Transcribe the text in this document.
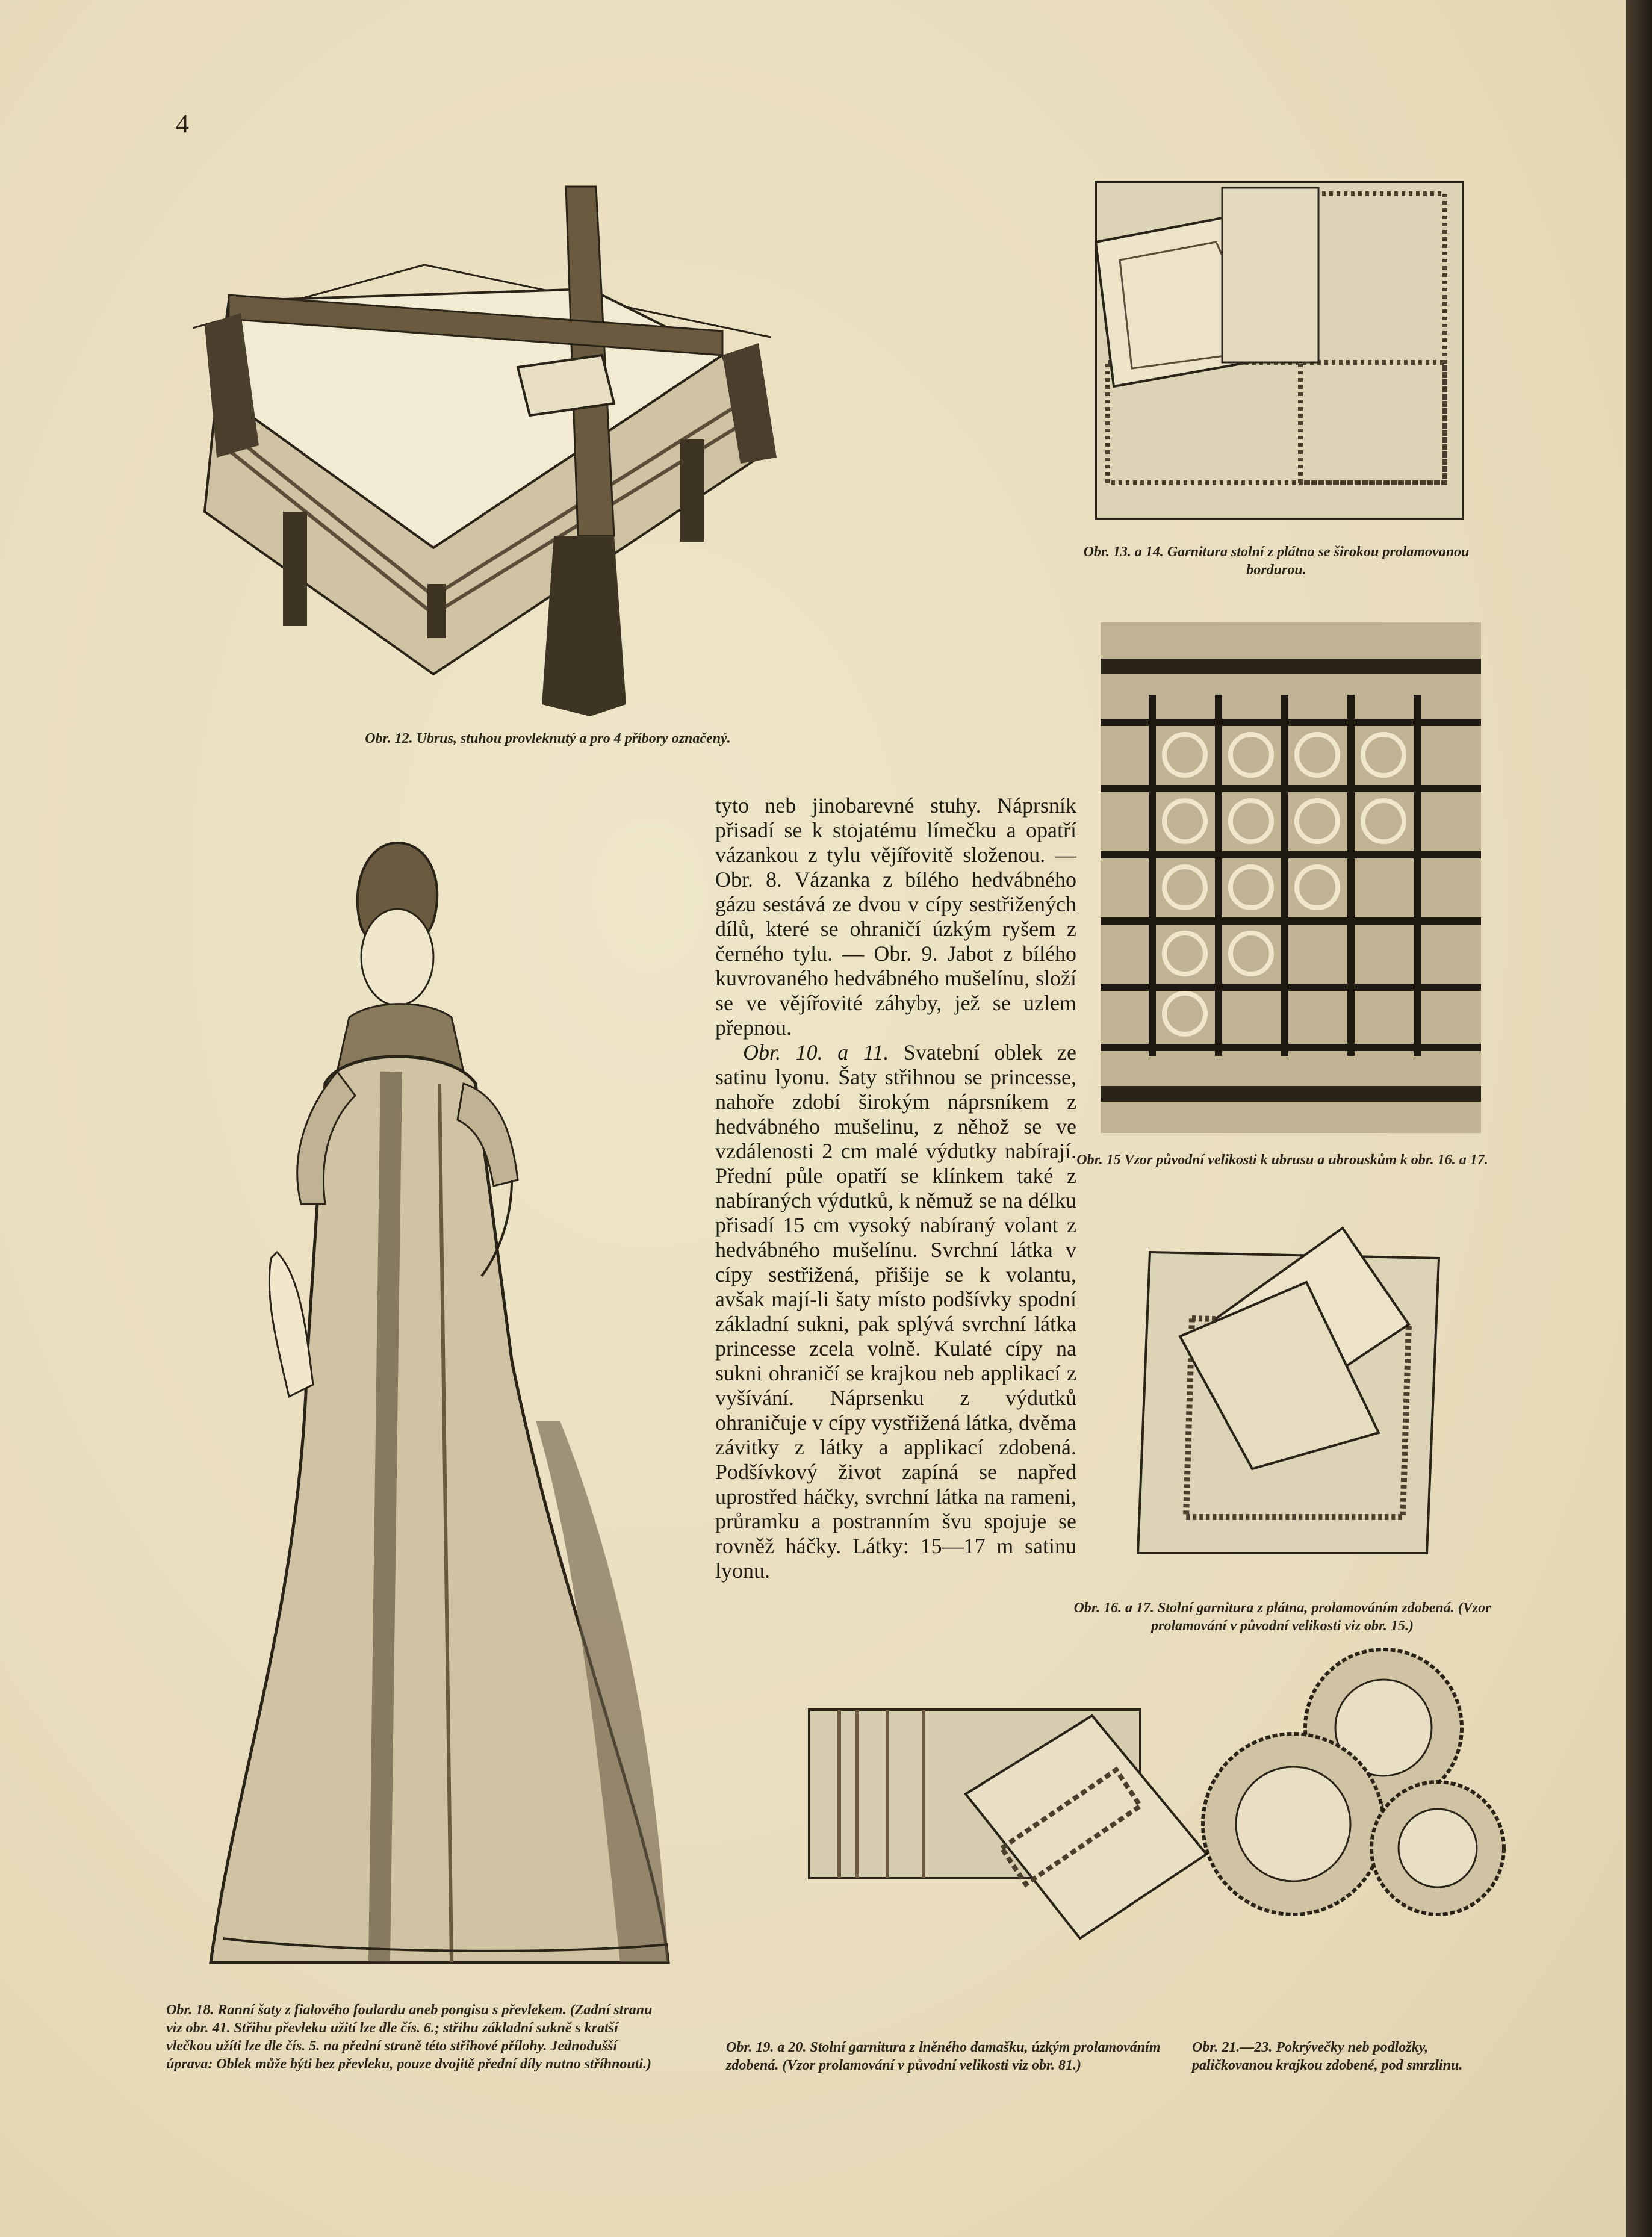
4
Obr. 12. Ubrus, stuhou provleknutý a pro 4 příbory označený.
Obr. 13. a 14. Garnitura stolní z plátna se širokou prolamovanou bordurou.
Obr. 15 Vzor původní velikosti k ubrusu a ubrouskům k obr. 16. a 17.
Obr. 16. a 17. Stolní garnitura z plátna, prolamováním zdobená. (Vzor prolamování v původní velikosti viz obr. 15.)
Obr. 18. Ranní šaty z fialového foulardu aneb pongisu s převlekem. (Zadní stranu viz obr. 41. Střihu převleku užití lze dle čís. 6.; střihu základní sukně s kratší vlečkou užíti lze dle čís. 5. na přední straně této střihové přílohy. Jednodušší úprava: Oblek může býti bez převleku, pouze dvojitě přední díly nutno stříhnouti.)

tyto neb jinobarevné stuhy. Náprsník přisadí se k stojatému límečku a opatří vázankou z tylu vějířovitě složenou. — Obr. 8. Vázanka z bílého hedvábného gázu sestává ze dvou v cípy sestřižených dílů, které se ohraničí úzkým ryšem z černého tylu. — Obr. 9. Jabot z bílého kuvrovaného hedvábného mušelínu, složí se ve vějířovité záhyby, jež se uzlem přepnou.

Obr. 10. a 11. Svatební oblek ze satinu lyonu. Šaty střihnou se princesse, nahoře zdobí širokým náprsníkem z hedvábného mušelinu, z něhož se ve vzdálenosti 2 cm malé výdutky nabírají. Přední půle opatří se klínkem také z nabíraných výdutků, k němuž se na délku přisadí 15 cm vysoký nabíraný volant z hedvábného mušelínu. Svrchní látka v cípy sestřižená, přišije se k volantu, avšak mají-li šaty místo podšívky spodní základní sukni, pak splývá svrchní látka princesse zcela volně. Kulaté cípy na sukni ohraničí se krajkou neb applikací z vyšívání. Náprsenku z výdutků ohraničuje v cípy vystřižená látka, dvěma závitky z látky a applikací zdobená. Podšívkový život zapíná se napřed uprostřed háčky, svrchní látka na rameni, průramku a postranním švu spojuje se rovněž háčky. Látky: 15—17 m satinu lyonu.

Obr. 19. a 20. Stolní garnitura z lněného damašku, úzkým prolamováním zdobená. (Vzor prolamování v původní velikosti viz obr. 81.)
Obr. 21.—23. Pokrývečky neb podložky, paličkovanou krajkou zdobené, pod smrzlinu.
